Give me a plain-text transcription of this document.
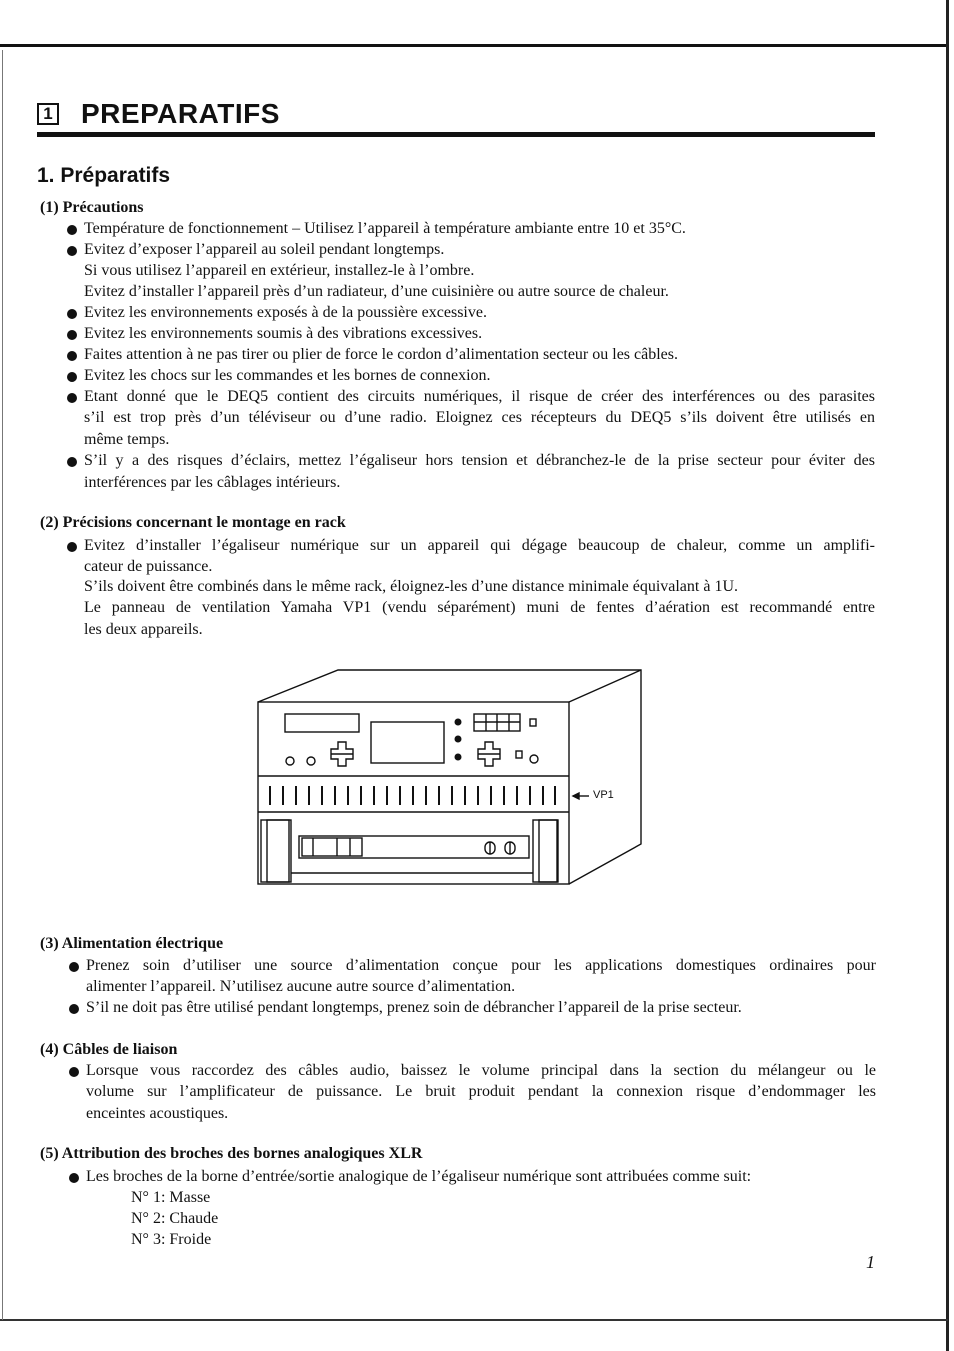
1 PREPARATIFS
1. Préparatifs
(1) Précautions
Température de fonctionnement – Utilisez l’appareil à température ambiante entre 10 et 35°C.
Evitez d’exposer l’appareil au soleil pendant longtemps.
Si vous utilisez l’appareil en extérieur, installez-le à l’ombre.
Evitez d’installer l’appareil près d’un radiateur, d’une cuisinière ou autre source de chaleur.
Evitez les environnements exposés à de la poussière excessive.
Evitez les environnements soumis à des vibrations excessives.
Faites attention à ne pas tirer ou plier de force le cordon d’alimentation secteur ou les câbles.
Evitez les chocs sur les commandes et les bornes de connexion.
Etant donné que le DEQ5 contient des circuits numériques, il risque de créer des interférences ou des parasites
s’il est trop près d’un téléviseur ou d’une radio. Eloignez ces récepteurs du DEQ5 s’ils doivent être utilisés en
même temps.
S’il y a des risques d’éclairs, mettez l’égaliseur hors tension et débranchez-le de la prise secteur pour éviter des
interférences par les câblages intérieurs.
(2) Précisions concernant le montage en rack
Evitez d’installer l’égaliseur numérique sur un appareil qui dégage beaucoup de chaleur, comme un amplifi-
cateur de puissance.
S’ils doivent être combinés dans le même rack, éloignez-les d’une distance minimale équivalant à 1U.
Le panneau de ventilation Yamaha VP1 (vendu séparément) muni de fentes d’aération est recommandé entre
les deux appareils.
VP1
(3) Alimentation électrique
Prenez soin d’utiliser une source d’alimentation conçue pour les applications domestiques ordinaires pour
alimenter l’appareil. N’utilisez aucune autre source d’alimentation.
S’il ne doit pas être utilisé pendant longtemps, prenez soin de débrancher l’appareil de la prise secteur.
(4) Câbles de liaison
Lorsque vous raccordez des câbles audio, baissez le volume principal dans la section du mélangeur ou le
volume sur l’amplificateur de puissance. Le bruit produit pendant la connexion risque d’endommager les
enceintes acoustiques.
(5) Attribution des broches des bornes analogiques XLR
Les broches de la borne d’entrée/sortie analogique de l’égaliseur numérique sont attribuées comme suit:
N° 1: Masse
N° 2: Chaude
N° 3: Froide
1
